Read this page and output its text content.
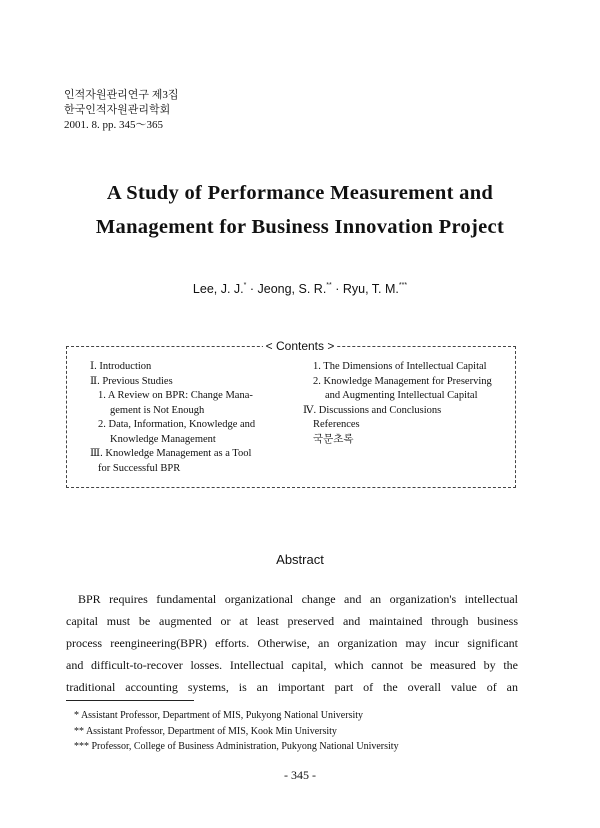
인적자원관리연구 제3집
한국인적자원관리학회
2001. 8. pp. 345～365
A Study of Performance Measurement and
Management for Business Innovation Project
Lee, J. J.* · Jeong, S. R.** · Ryu, T. M.***
< Contents >
Ⅰ. Introduction
Ⅱ. Previous Studies
1. A Review on BPR: Change Mana-
gement is Not Enough
2. Data, Information, Knowledge and
Knowledge Management
Ⅲ. Knowledge Management as a Tool
for Successful BPR
1. The Dimensions of Intellectual Capital
2. Knowledge Management for Preserving
and Augmenting Intellectual Capital
Ⅳ. Discussions and Conclusions
References
국문초록
Abstract
BPR requires fundamental organizational change and an organization's intellectual
capital must be augmented or at least preserved and maintained through business
process reengineering(BPR) efforts. Otherwise, an organization may incur significant
and difficult-to-recover losses. Intellectual capital, which cannot be measured by the
traditional accounting systems, is an important part of the overall value of an
* Assistant Professor, Department of MIS, Pukyong National University
** Assistant Professor, Department of MIS, Kook Min University
*** Professor, College of Business Administration, Pukyong National University
- 345 -
